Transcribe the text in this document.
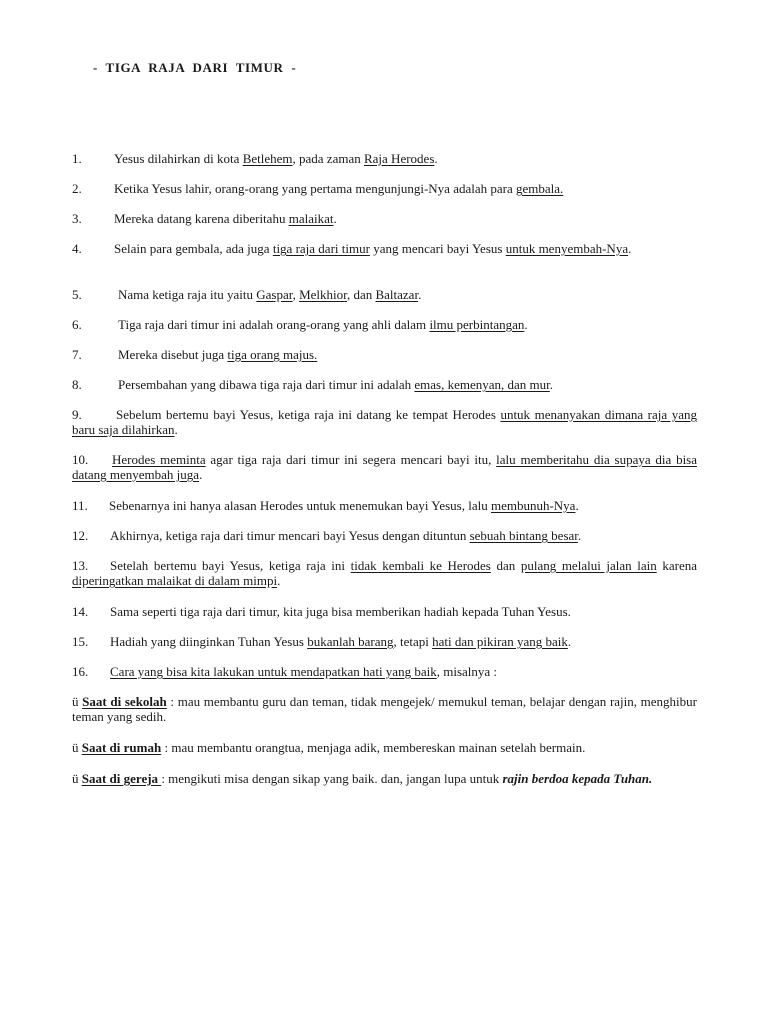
- TIGA RAJA DARI TIMUR -

1. Yesus dilahirkan di kota Betlehem, pada zaman Raja Herodes.

2. Ketika Yesus lahir, orang-orang yang pertama mengunjungi-Nya adalah para gembala.

3. Mereka datang karena diberitahu malaikat.

4. Selain para gembala, ada juga tiga raja dari timur yang mencari bayi Yesus untuk menyembah-Nya.

5.	Nama ketiga raja itu yaitu Gaspar, Melkhior, dan Baltazar.

6.	Tiga raja dari timur ini adalah orang-orang yang ahli dalam ilmu perbintangan.

7.	Mereka disebut juga tiga orang majus.

8.	Persembahan yang dibawa tiga raja dari timur ini adalah emas, kemenyan, dan mur.

9.	Sebelum bertemu bayi Yesus, ketiga raja ini datang ke tempat Herodes untuk menanyakan dimana raja yang baru saja dilahirkan.

10. Herodes meminta agar tiga raja dari timur ini segera mencari bayi itu, lalu memberitahu dia supaya dia bisa datang menyembah juga.

11. Sebenarnya ini hanya alasan Herodes untuk menemukan bayi Yesus, lalu membunuh-Nya.

12. Akhirnya, ketiga raja dari timur mencari bayi Yesus dengan dituntun sebuah bintang besar.

13. Setelah bertemu bayi Yesus, ketiga raja ini tidak kembali ke Herodes dan pulang melalui jalan lain karena diperingatkan malaikat di dalam mimpi.

14. Sama seperti tiga raja dari timur, kita juga bisa memberikan hadiah kepada Tuhan Yesus.

15. Hadiah yang diinginkan Tuhan Yesus bukanlah barang, tetapi hati dan pikiran yang baik.

16. Cara yang bisa kita lakukan untuk mendapatkan hati yang baik, misalnya :

ü Saat di sekolah : mau membantu guru dan teman, tidak mengejek/ memukul teman, belajar dengan rajin, menghibur teman yang sedih.

ü Saat di rumah : mau membantu orangtua, menjaga adik, membereskan mainan setelah bermain.

ü Saat di gereja : mengikuti misa dengan sikap yang baik. dan, jangan lupa untuk rajin berdoa kepada Tuhan.
